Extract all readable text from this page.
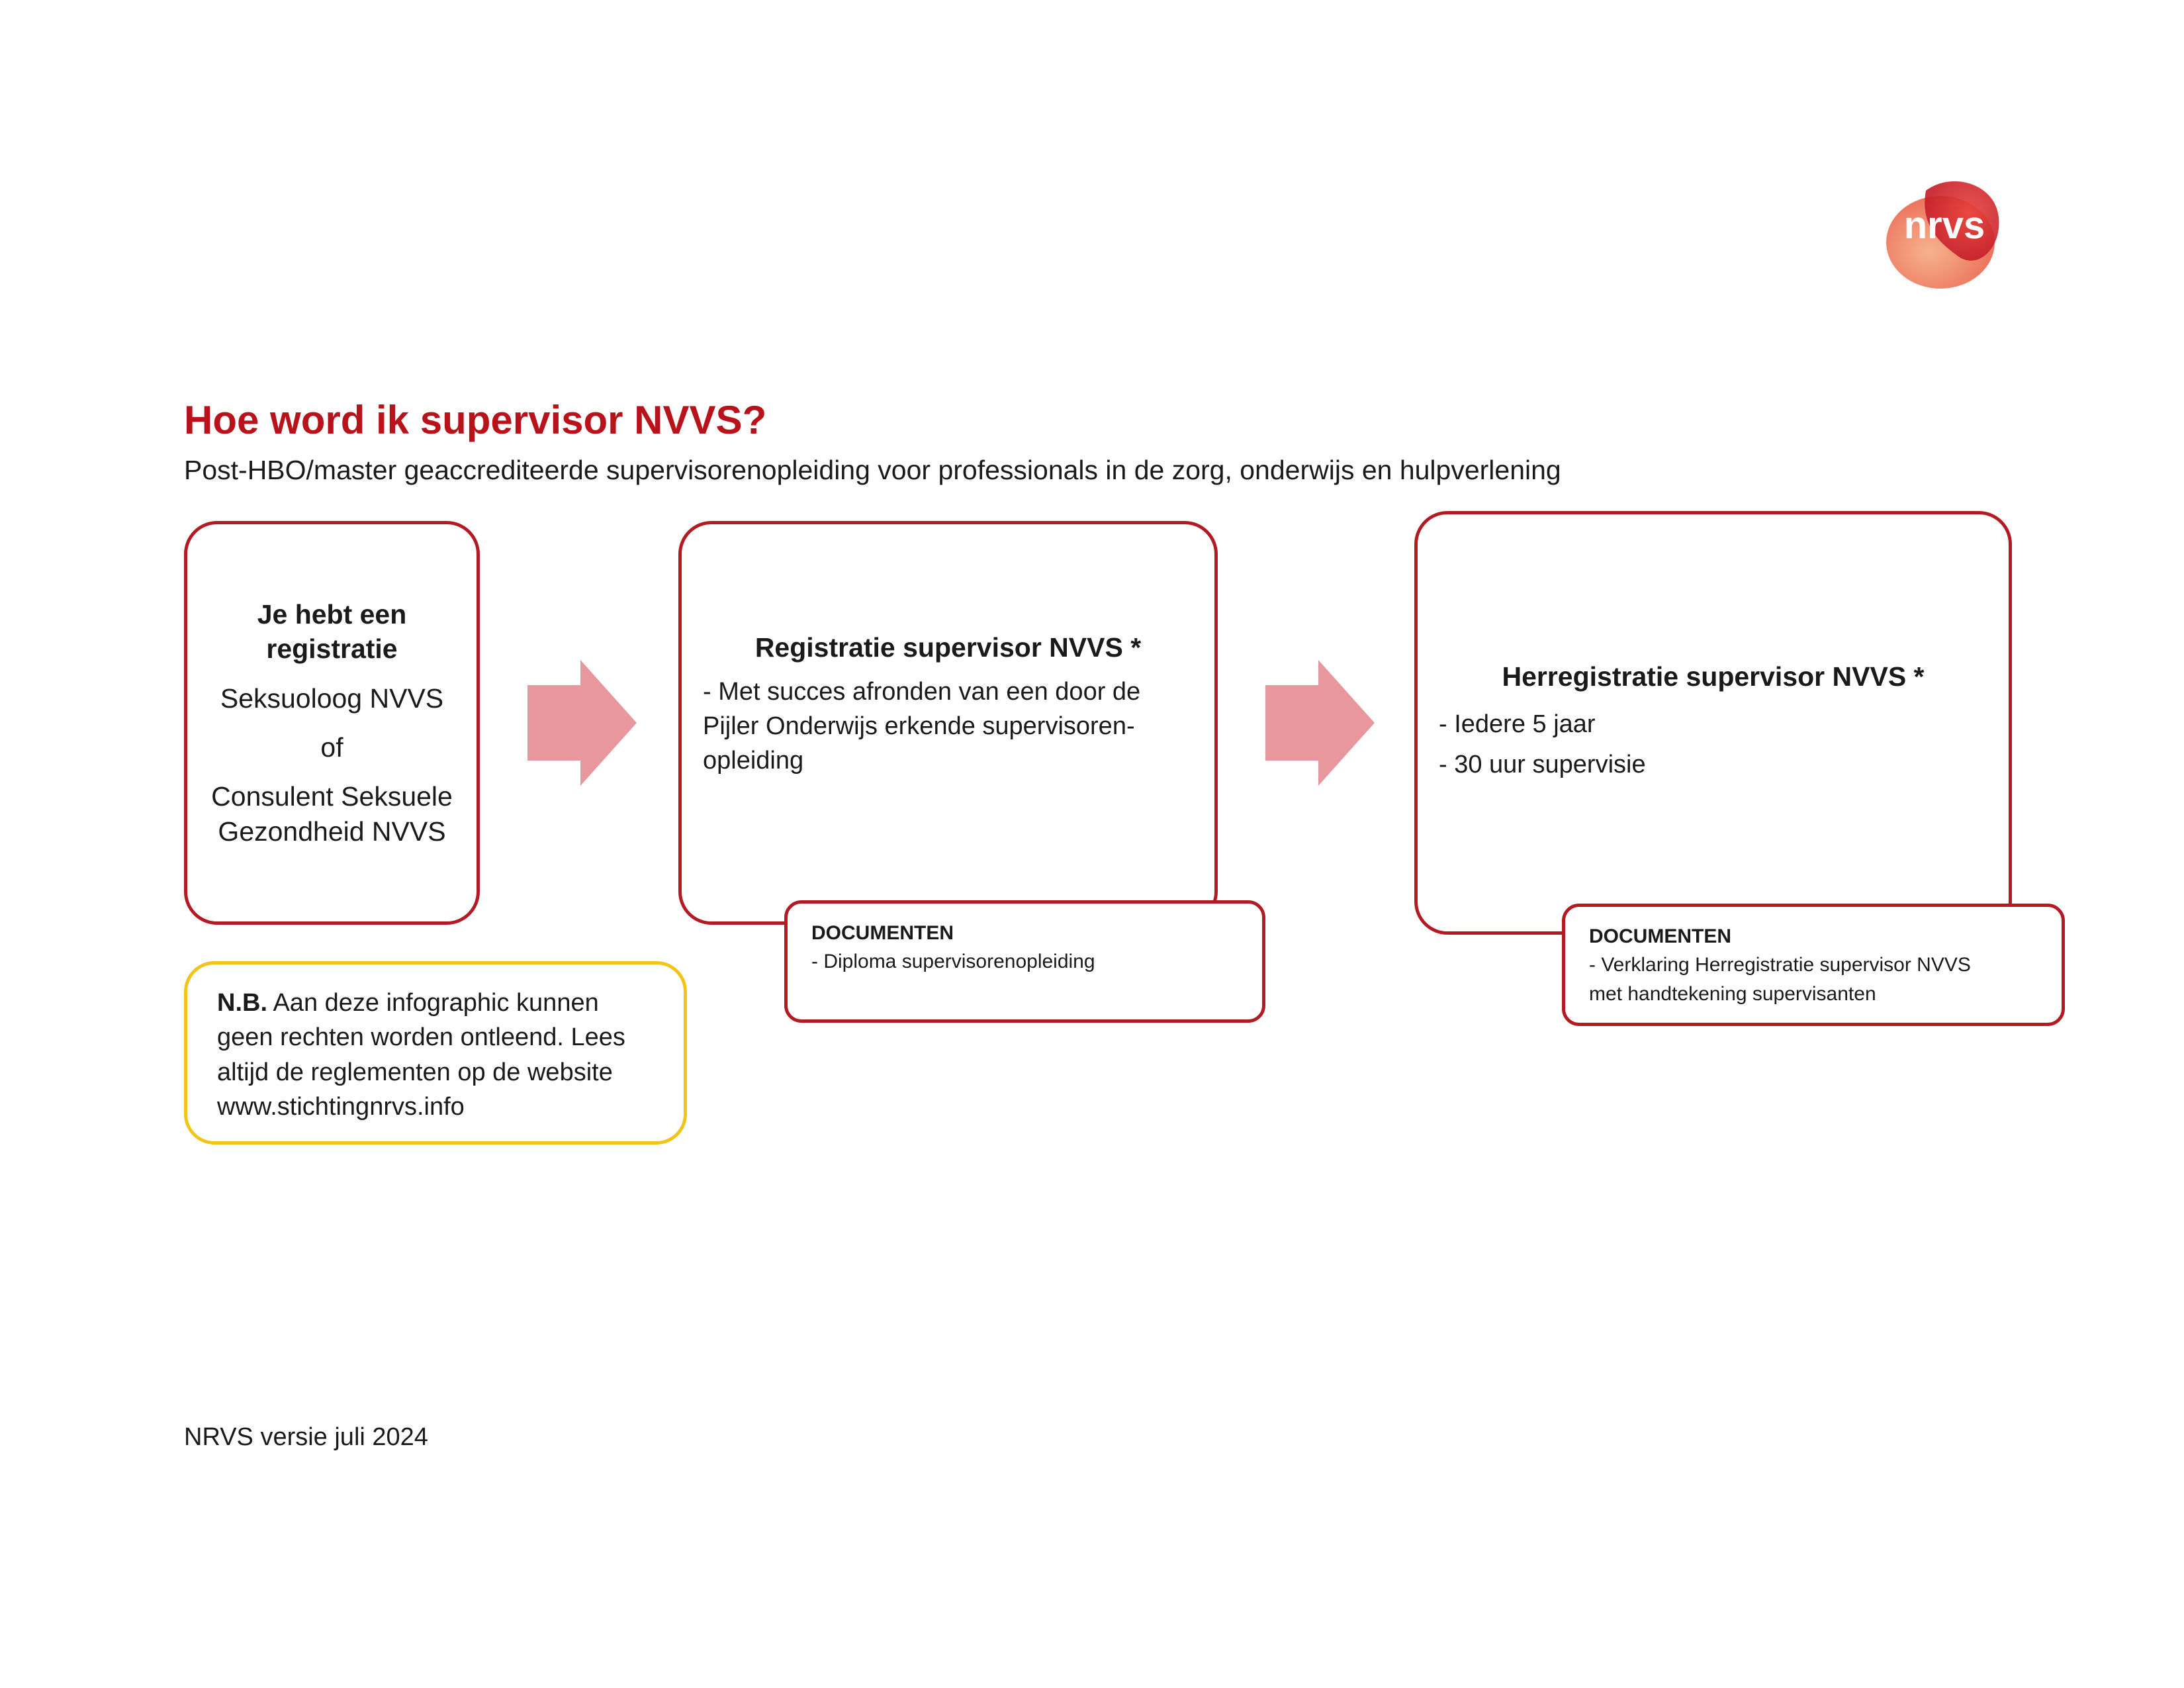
nrvs
Hoe word ik supervisor NVVS?
Post-HBO/master geaccrediteerde supervisorenopleiding voor professionals in de zorg, onderwijs en hulpverlening
Je hebt een
registratie
Seksuoloog NVVS
of
Consulent Seksuele
Gezondheid NVVS
Registratie supervisor NVVS *
- Met succes afronden van een door de
Pijler Onderwijs erkende supervisoren-
opleiding
DOCUMENTEN
- Diploma supervisorenopleiding
Herregistratie supervisor NVVS *
- Iedere 5 jaar
- 30 uur supervisie
DOCUMENTEN
- Verklaring Herregistratie supervisor NVVS
met handtekening supervisanten
N.B. Aan deze infographic kunnen
geen rechten worden ontleend. Lees
altijd de reglementen op de website
www.stichtingnrvs.info
NRVS versie juli 2024
